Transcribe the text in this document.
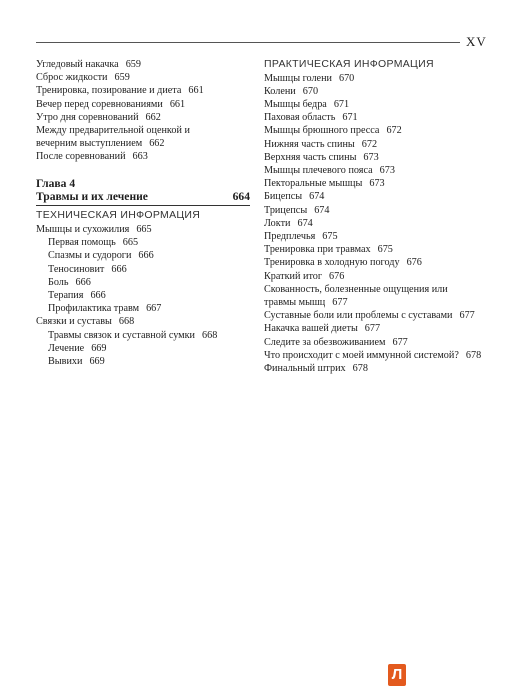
XV
Угледовый накачка 659
Сброс жидкости 659
Тренировка, позирование и диета 661
Вечер перед соревнованиями 661
Утро дня соревнований 662
Между предварительной оценкой и вечерним выступлением 662
После соревнований 663
Глава 4
Травмы и их лечение	664
ТЕХНИЧЕСКАЯ ИНФОРМАЦИЯ
Мышцы и сухожилия 665
Первая помощь 665
Спазмы и судороги 666
Теносиновит 666
Боль 666
Терапия 666
Профилактика травм 667
Связки и суставы 668
Травмы связок и суставной сумки 668
Лечение 669
Вывихи 669
ПРАКТИЧЕСКАЯ ИНФОРМАЦИЯ
Мышцы голени 670
Колени 670
Мышцы бедра 671
Паховая область 671
Мышцы брюшного пресса 672
Нижняя часть спины 672
Верхняя часть спины 673
Мышцы плечевого пояса 673
Пекторальные мышцы 673
Бицепсы 674
Трицепсы 674
Локти 674
Предплечья 675
Тренировка при травмах 675
Тренировка в холодную погоду 676
Краткий итог 676
Скованность, болезненные ощущения или травмы мышц 677
Суставные боли или проблемы с суставами 677
Накачка вашей диеты 677
Следите за обезвоживанием 677
Что происходит с моей иммунной системой? 678
Финальный штрих 678
Л
